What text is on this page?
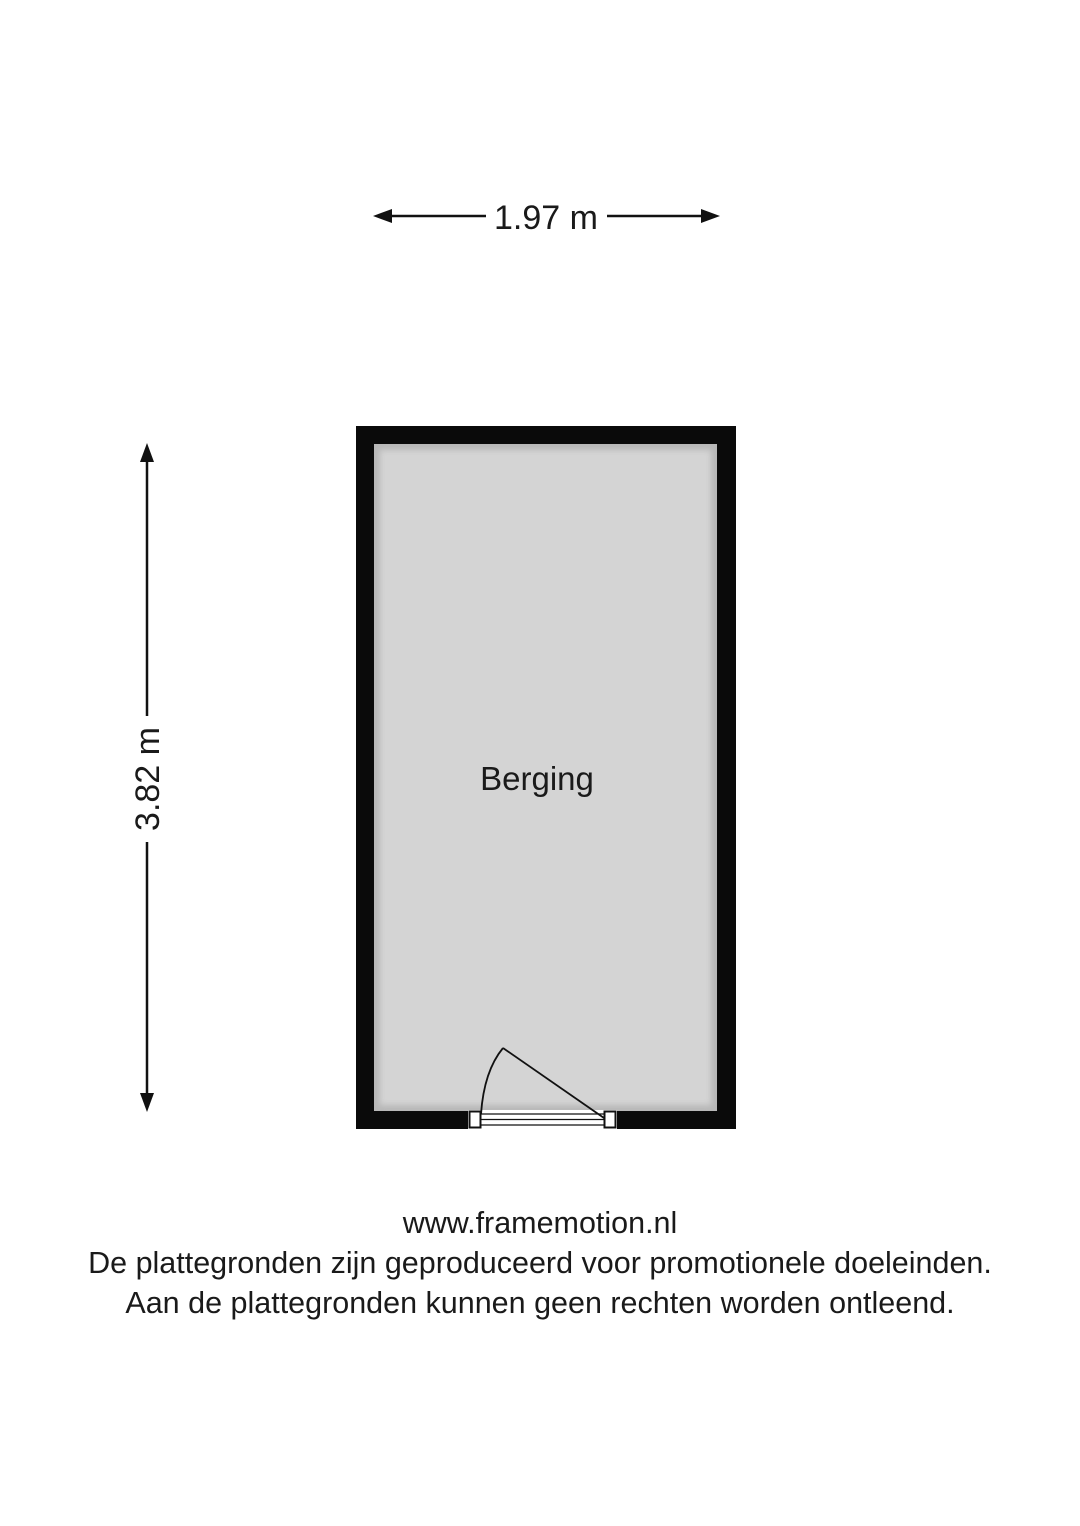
1.97 m
3.82 m	Berging
www.framemotion.nl
De plattegronden zijn geproduceerd voor promotionele doeleinden.
Aan de plattegronden kunnen geen rechten worden ontleend.
